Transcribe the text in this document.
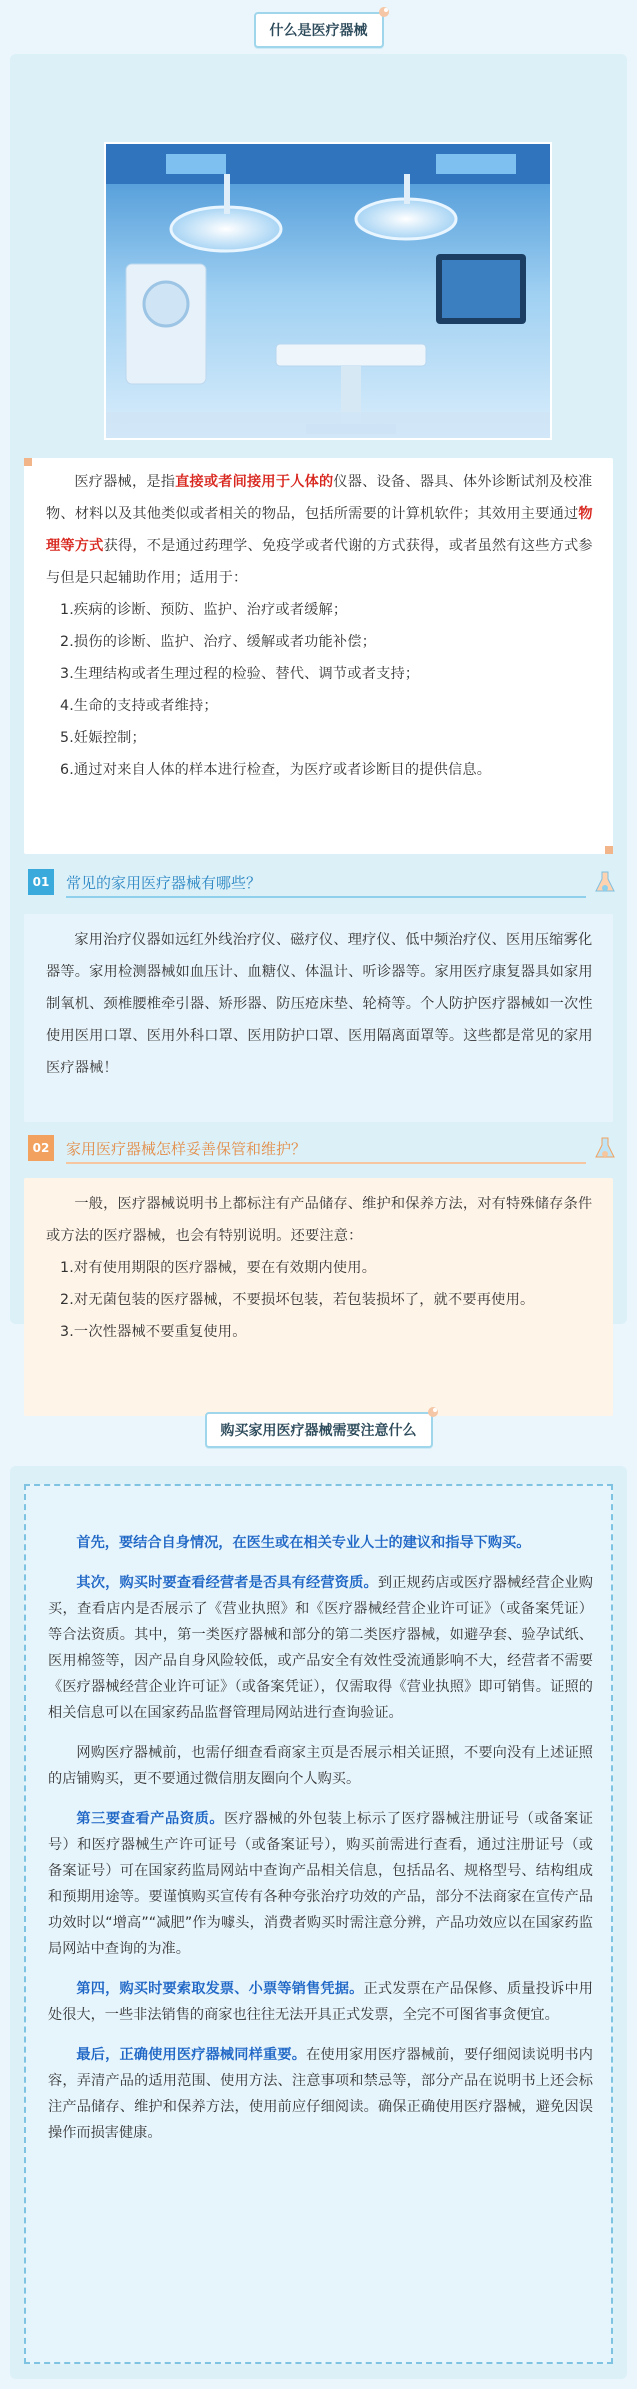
什么是医疗器械

医疗器械，是指直接或者间接用于人体的仪器、设备、器具、体外诊断试剂及校准物、材料以及其他类似或者相关的物品，包括所需要的计算机软件；其效用主要通过物理等方式获得，不是通过药理学、免疫学或者代谢的方式获得，或者虽然有这些方式参与但是只起辅助作用；适用于：

1.疾病的诊断、预防、监护、治疗或者缓解；

2.损伤的诊断、监护、治疗、缓解或者功能补偿；

3.生理结构或者生理过程的检验、替代、调节或者支持；

4.生命的支持或者维持；

5.妊娠控制；

6.通过对来自人体的样本进行检查，为医疗或者诊断目的提供信息。

01	常见的家用医疗器械有哪些？

家用治疗仪器如远红外线治疗仪、磁疗仪、理疗仪、低中频治疗仪、医用压缩雾化器等。家用检测器械如血压计、血糖仪、体温计、听诊器等。家用医疗康复器具如家用制氧机、颈椎腰椎牵引器、矫形器、防压疮床垫、轮椅等。个人防护医疗器械如一次性使用医用口罩、医用外科口罩、医用防护口罩、医用隔离面罩等。这些都是常见的家用医疗器械！

02	家用医疗器械怎样妥善保管和维护？

一般，医疗器械说明书上都标注有产品储存、维护和保养方法，对有特殊储存条件或方法的医疗器械，也会有特别说明。还要注意：

1.对有使用期限的医疗器械，要在有效期内使用。

2.对无菌包装的医疗器械，不要损坏包装，若包装损坏了，就不要再使用。

3.一次性器械不要重复使用。

购买家用医疗器械需要注意什么

首先，要结合自身情况，在医生或在相关专业人士的建议和指导下购买。

其次，购买时要查看经营者是否具有经营资质。到正规药店或医疗器械经营企业购买，查看店内是否展示了《营业执照》和《医疗器械经营企业许可证》（或备案凭证）等合法资质。其中，第一类医疗器械和部分的第二类医疗器械，如避孕套、验孕试纸、医用棉签等，因产品自身风险较低，或产品安全有效性受流通影响不大，经营者不需要《医疗器械经营企业许可证》（或备案凭证），仅需取得《营业执照》即可销售。证照的相关信息可以在国家药品监督管理局网站进行查询验证。

网购医疗器械前，也需仔细查看商家主页是否展示相关证照，不要向没有上述证照的店铺购买，更不要通过微信朋友圈向个人购买。

第三要查看产品资质。医疗器械的外包装上标示了医疗器械注册证号（或备案证号）和医疗器械生产许可证号（或备案证号），购买前需进行查看，通过注册证号（或备案证号）可在国家药监局网站中查询产品相关信息，包括品名、规格型号、结构组成和预期用途等。要谨慎购买宣传有各种夸张治疗功效的产品，部分不法商家在宣传产品功效时以“增高”“减肥”作为噱头，消费者购买时需注意分辨，产品功效应以在国家药监局网站中查询的为准。

第四，购买时要索取发票、小票等销售凭据。正式发票在产品保修、质量投诉中用处很大，一些非法销售的商家也往往无法开具正式发票，全完不可图省事贪便宜。

最后，正确使用医疗器械同样重要。在使用家用医疗器械前，要仔细阅读说明书内容，弄清产品的适用范围、使用方法、注意事项和禁忌等，部分产品在说明书上还会标注产品储存、维护和保养方法，使用前应仔细阅读。确保正确使用医疗器械，避免因误操作而损害健康。
